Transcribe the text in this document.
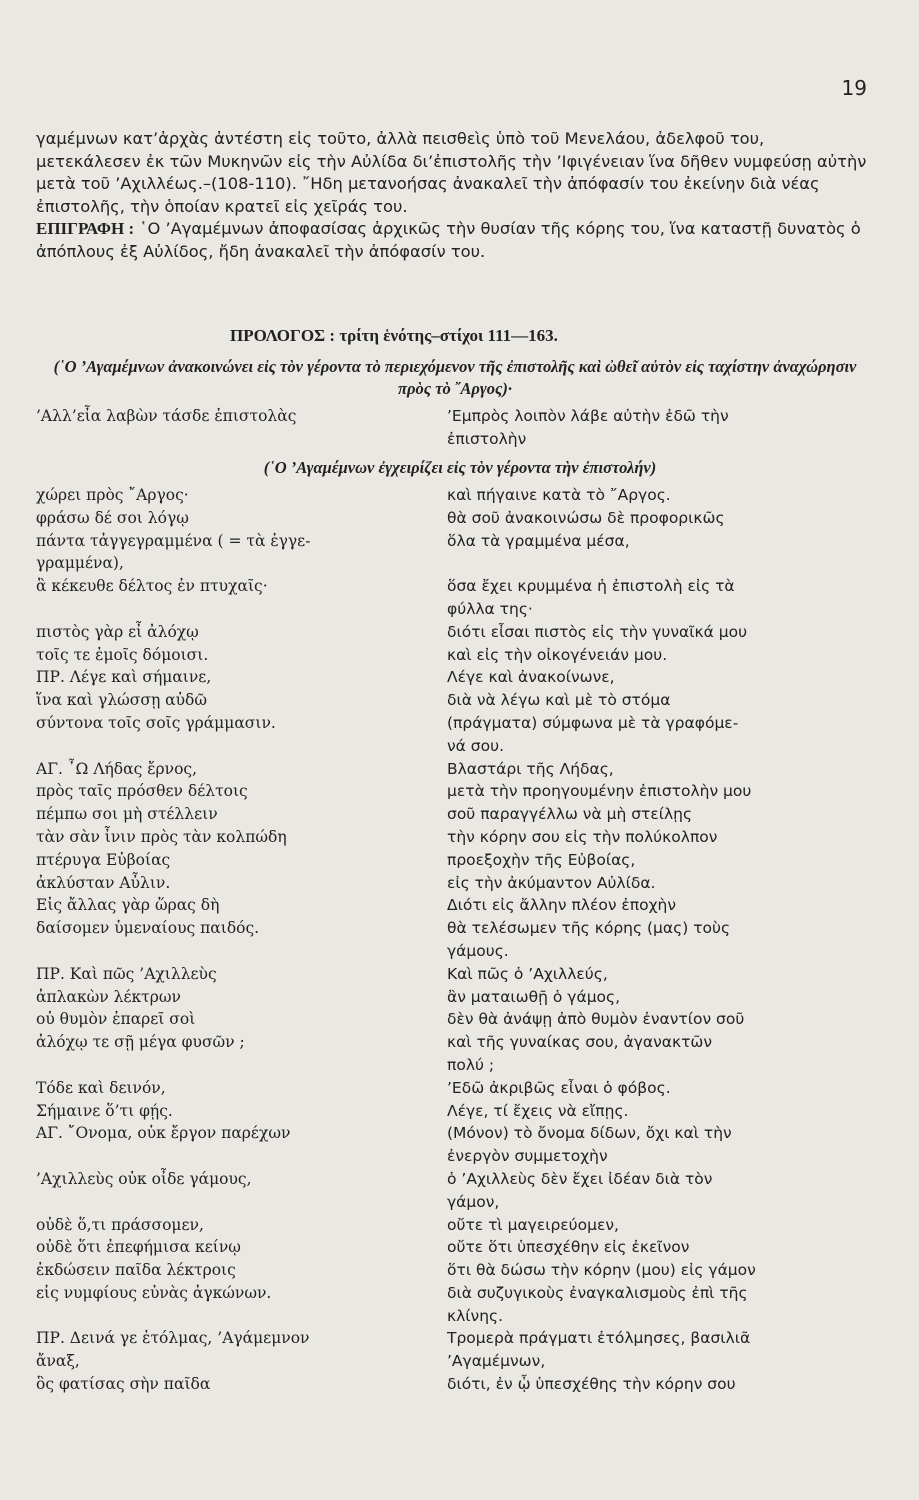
19

γαμέμνων κατ’ἀρχὰς ἀντέστη εἰς τοῦτο, ἀλλὰ πεισθεὶς ὑπὸ τοῦ Μενελάου, ἀδελφοῦ του, μετεκάλεσεν ἐκ τῶν Μυκηνῶν εἰς τὴν Αὐλίδα δι’ἐπιστολῆς τὴν ’Ιφιγένειαν ἵνα δῆθεν νυμφεύσῃ αὐτὴν μετὰ τοῦ ’Αχιλλέως.–(108-110). ῎Ηδη μετανοήσας ἀνακαλεῖ τὴν ἀπόφασίν του ἐκείνην διὰ νέας ἐπιστολῆς, τὴν ὁποίαν κρατεῖ εἰς χεῖράς του.

ΕΠΙΓΡΑΦΗ : ῾Ο ’Αγαμέμνων ἀποφασίσας ἀρχικῶς τὴν θυσίαν τῆς κόρης του, ἵνα καταστῇ δυνατὸς ὁ ἀπόπλους ἐξ Αὐλίδος, ἤδη ἀνακαλεῖ τὴν ἀπόφασίν του.

ΠΡΟΛΟΓΟΣ : τρίτη ἑνότης–στίχοι 111—163.
(῾Ο ’Αγαμέμνων ἀνακοινώνει εἰς τὸν γέροντα τὸ περιεχόμενον τῆς ἐπιστολῆς καὶ ὠθεῖ αὐτὸν εἰς ταχίστην ἀναχώρησιν πρὸς τὸ ῎Αργος)·
’Αλλ’εἶα λαβὼν τάσδε ἐπιστολὰς	’Εμπρὸς λοιπὸν λάβε αὐτὴν ἐδῶ τὴν
ἐπιστολὴν
(῾Ο ’Αγαμέμνων ἐγχειρίζει εἰς τὸν γέροντα τὴν ἐπιστολήν)
χώρει πρὸς ῎Αργος·
φράσω δέ σοι λόγῳ
πάντα τἀγγεγραμμένα ( = τὰ ἐγγε-
γραμμένα),
ἃ κέκευθε δέλτος ἐν πτυχαῖς·
πιστὸς γὰρ εἶ ἀλόχῳ
τοῖς τε ἐμοῖς δόμοισι.
ΠΡ. Λέγε καὶ σήμαινε,
ἵνα καὶ γλώσσῃ αὐδῶ
σύντονα τοῖς σοῖς γράμμασιν.
ΑΓ. ῏Ω Λήδας ἔρνος,
πρὸς ταῖς πρόσθεν δέλτοις
πέμπω σοι μὴ στέλλειν
τὰν σὰν ἶνιν πρὸς τὰν κολπώδη
πτέρυγα Εὐβοίας
ἀκλύσταν Αὖλιν.
Εἰς ἄλλας γὰρ ὥρας δὴ
δαίσομεν ὑμεναίους παιδός.
ΠΡ. Καὶ πῶς ’Αχιλλεὺς
ἀπλακὼν λέκτρων
οὐ θυμὸν ἐπαρεῖ σοὶ
ἀλόχῳ τε σῇ μέγα φυσῶν ;
Τόδε καὶ δεινόν,
Σήμαινε ὅ’τι φῄς.
ΑΓ. ῎Ονομα, οὐκ ἔργον παρέχων
’Αχιλλεὺς οὐκ οἶδε γάμους,
οὐδὲ ὅ,τι πράσσομεν,
οὐδὲ ὅτι ἐπεφήμισα κείνῳ
ἐκδώσειν παῖδα λέκτροις
εἰς νυμφίους εὐνὰς ἀγκώνων.
ΠΡ. Δεινά γε ἐτόλμας, ’Αγάμεμνον
ἄναξ,
ὃς φατίσας σὴν παῖδα
καὶ πήγαινε κατὰ τὸ ῎Αργος.
θὰ σοῦ ἀνακοινώσω δὲ προφορικῶς
ὅλα τὰ γραμμένα μέσα,
ὅσα ἔχει κρυμμένα ἡ ἐπιστολὴ εἰς τὰ
φύλλα της·
διότι εἶσαι πιστὸς εἰς τὴν γυναῖκά μου
καὶ εἰς τὴν οἰκογένειάν μου.
Λέγε καὶ ἀνακοίνωνε,
διὰ νὰ λέγω καὶ μὲ τὸ στόμα
(πράγματα) σύμφωνα μὲ τὰ γραφόμε-
νά σου.
Βλαστάρι τῆς Λήδας,
μετὰ τὴν προηγουμένην ἐπιστολὴν μου
σοῦ παραγγέλλω νὰ μὴ στείλῃς
τὴν κόρην σου εἰς τὴν πολύκολπον
προεξοχὴν τῆς Εὐβοίας,
εἰς τὴν ἀκύμαντον Αὐλίδα.
Διότι εἰς ἄλλην πλέον ἐποχὴν
θὰ τελέσωμεν τῆς κόρης (μας) τοὺς
γάμους.
Καὶ πῶς ὁ ’Αχιλλεύς,
ἂν ματαιωθῇ ὁ γάμος,
δὲν θὰ ἀνάψῃ ἀπὸ θυμὸν ἐναντίον σοῦ
καὶ τῆς γυναίκας σου, ἀγανακτῶν
πολύ ;
’Εδῶ ἀκριβῶς εἶναι ὁ φόβος.
Λέγε, τί ἔχεις νὰ εἴπῃς.
(Μόνον) τὸ ὄνομα δίδων, ὄχι καὶ τὴν
ἐνεργὸν συμμετοχὴν
ὁ ’Αχιλλεὺς δὲν ἔχει ἰδέαν διὰ τὸν
γάμον,
οὔτε τὶ μαγειρεύομεν,
οὔτε ὅτι ὑπεσχέθην εἰς ἐκεῖνον
ὅτι θὰ δώσω τὴν κόρην (μου) εἰς γάμον
διὰ συζυγικοὺς ἐναγκαλισμοὺς ἐπὶ τῆς
κλίνης.
Τρομερὰ πράγματι ἐτόλμησες, βασιλιᾶ
’Αγαμέμνων,
διότι, ἐν ᾧ ὑπεσχέθης τὴν κόρην σου
